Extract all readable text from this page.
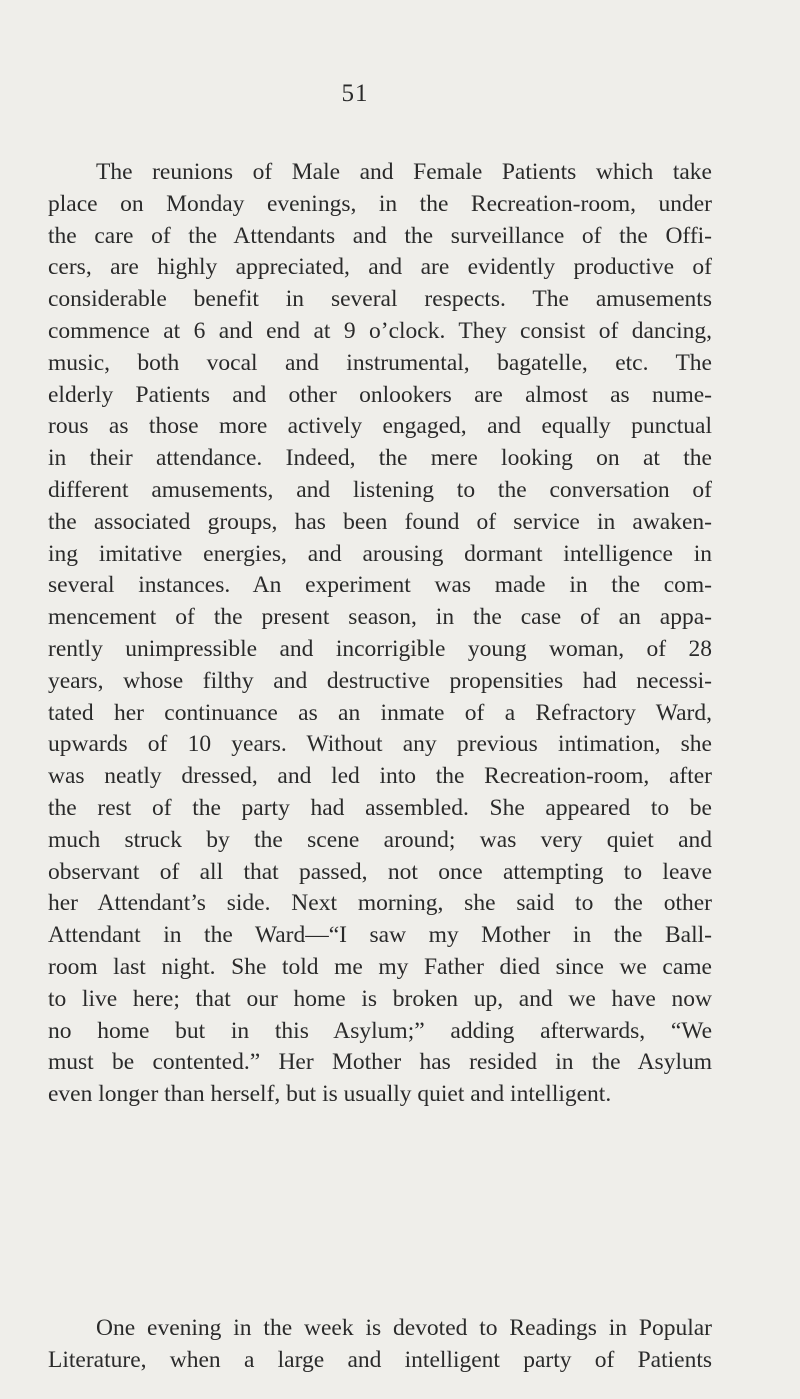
51
The reunions of Male and Female Patients which take
place on Monday evenings, in the Recreation-room, under
the care of the Attendants and the surveillance of the Offi-
cers, are highly appreciated, and are evidently productive of
considerable benefit in several respects. The amusements
commence at 6 and end at 9 o’clock. They consist of dancing,
music, both vocal and instrumental, bagatelle, etc. The
elderly Patients and other onlookers are almost as nume-
rous as those more actively engaged, and equally punctual
in their attendance. Indeed, the mere looking on at the
different amusements, and listening to the conversation of
the associated groups, has been found of service in awaken-
ing imitative energies, and arousing dormant intelligence in
several instances. An experiment was made in the com-
mencement of the present season, in the case of an appa-
rently unimpressible and incorrigible young woman, of 28
years, whose filthy and destructive propensities had necessi-
tated her continuance as an inmate of a Refractory Ward,
upwards of 10 years. Without any previous intimation, she
was neatly dressed, and led into the Recreation-room, after
the rest of the party had assembled. She appeared to be
much struck by the scene around; was very quiet and
observant of all that passed, not once attempting to leave
her Attendant’s side. Next morning, she said to the other
Attendant in the Ward—“I saw my Mother in the Ball-
room last night. She told me my Father died since we came
to live here; that our home is broken up, and we have now
no home but in this Asylum;” adding afterwards, “We
must be contented.” Her Mother has resided in the Asylum
even longer than herself, but is usually quiet and intelligent.
One evening in the week is devoted to Readings in Popular
Literature, when a large and intelligent party of Patients
